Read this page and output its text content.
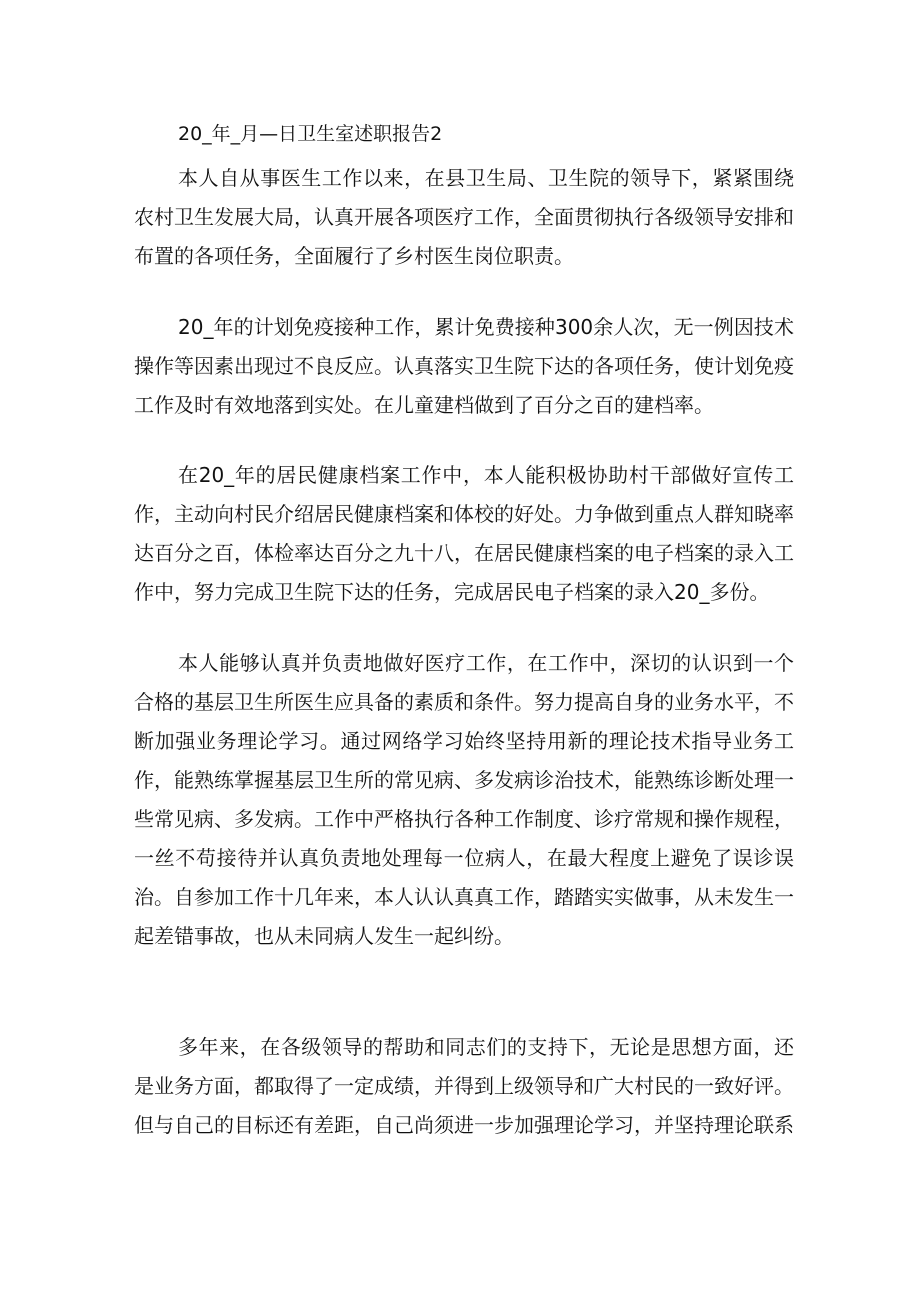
20_年_月—日卫生室述职报告2

本人自从事医生工作以来，在县卫生局、卫生院的领导下，紧紧围绕农村卫生发展大局，认真开展各项医疗工作，全面贯彻执行各级领导安排和布置的各项任务，全面履行了乡村医生岗位职责。

20_年的计划免疫接种工作，累计免费接种300余人次，无一例因技术操作等因素出现过不良反应。认真落实卫生院下达的各项任务，使计划免疫工作及时有效地落到实处。在儿童建档做到了百分之百的建档率。

在20_年的居民健康档案工作中，本人能积极协助村干部做好宣传工作，主动向村民介绍居民健康档案和体校的好处。力争做到重点人群知晓率达百分之百，体检率达百分之九十八，在居民健康档案的电子档案的录入工作中，努力完成卫生院下达的任务，完成居民电子档案的录入20_多份。

本人能够认真并负责地做好医疗工作，在工作中，深切的认识到一个合格的基层卫生所医生应具备的素质和条件。努力提高自身的业务水平，不断加强业务理论学习。通过网络学习始终坚持用新的理论技术指导业务工作，能熟练掌握基层卫生所的常见病、多发病诊治技术，能熟练诊断处理一些常见病、多发病。工作中严格执行各种工作制度、诊疗常规和操作规程，一丝不苟接待并认真负责地处理每一位病人，在最大程度上避免了误诊误治。自参加工作十几年来，本人认认真真工作，踏踏实实做事，从未发生一起差错事故，也从未同病人发生一起纠纷。

多年来，在各级领导的帮助和同志们的支持下，无论是思想方面，还是业务方面，都取得了一定成绩，并得到上级领导和广大村民的一致好评。但与自己的目标还有差距，自己尚须进一步加强理论学习，并坚持理论联系
